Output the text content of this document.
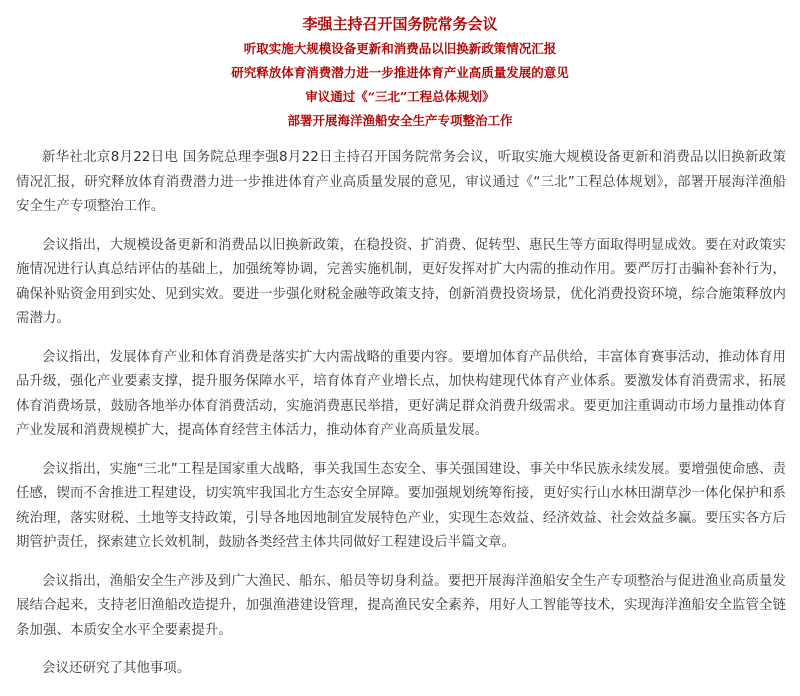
李强主持召开国务院常务会议
听取实施大规模设备更新和消费品以旧换新政策情况汇报
研究释放体育消费潜力进一步推进体育产业高质量发展的意见
审议通过《“三北”工程总体规划》
部署开展海洋渔船安全生产专项整治工作

新华社北京8月22日电 国务院总理李强8月22日主持召开国务院常务会议，听取实施大规模设备更新和消费品以旧换新政策情况汇报，研究释放体育消费潜力进一步推进体育产业高质量发展的意见，审议通过《“三北”工程总体规划》，部署开展海洋渔船安全生产专项整治工作。

会议指出，大规模设备更新和消费品以旧换新政策，在稳投资、扩消费、促转型、惠民生等方面取得明显成效。要在对政策实施情况进行认真总结评估的基础上，加强统筹协调，完善实施机制，更好发挥对扩大内需的推动作用。要严厉打击骗补套补行为，确保补贴资金用到实处、见到实效。要进一步强化财税金融等政策支持，创新消费投资场景，优化消费投资环境，综合施策释放内需潜力。

会议指出，发展体育产业和体育消费是落实扩大内需战略的重要内容。要增加体育产品供给，丰富体育赛事活动，推动体育用品升级，强化产业要素支撑，提升服务保障水平，培育体育产业增长点，加快构建现代体育产业体系。要激发体育消费需求，拓展体育消费场景，鼓励各地举办体育消费活动，实施消费惠民举措，更好满足群众消费升级需求。要更加注重调动市场力量推动体育产业发展和消费规模扩大，提高体育经营主体活力，推动体育产业高质量发展。

会议指出，实施“三北”工程是国家重大战略，事关我国生态安全、事关强国建设、事关中华民族永续发展。要增强使命感、责任感，锲而不舍推进工程建设，切实筑牢我国北方生态安全屏障。要加强规划统筹衔接，更好实行山水林田湖草沙一体化保护和系统治理，落实财税、土地等支持政策，引导各地因地制宜发展特色产业，实现生态效益、经济效益、社会效益多赢。要压实各方后期管护责任，探索建立长效机制，鼓励各类经营主体共同做好工程建设后半篇文章。

会议指出，渔船安全生产涉及到广大渔民、船东、船员等切身利益。要把开展海洋渔船安全生产专项整治与促进渔业高质量发展结合起来，支持老旧渔船改造提升，加强渔港建设管理，提高渔民安全素养，用好人工智能等技术，实现海洋渔船安全监管全链条加强、本质安全水平全要素提升。

会议还研究了其他事项。
